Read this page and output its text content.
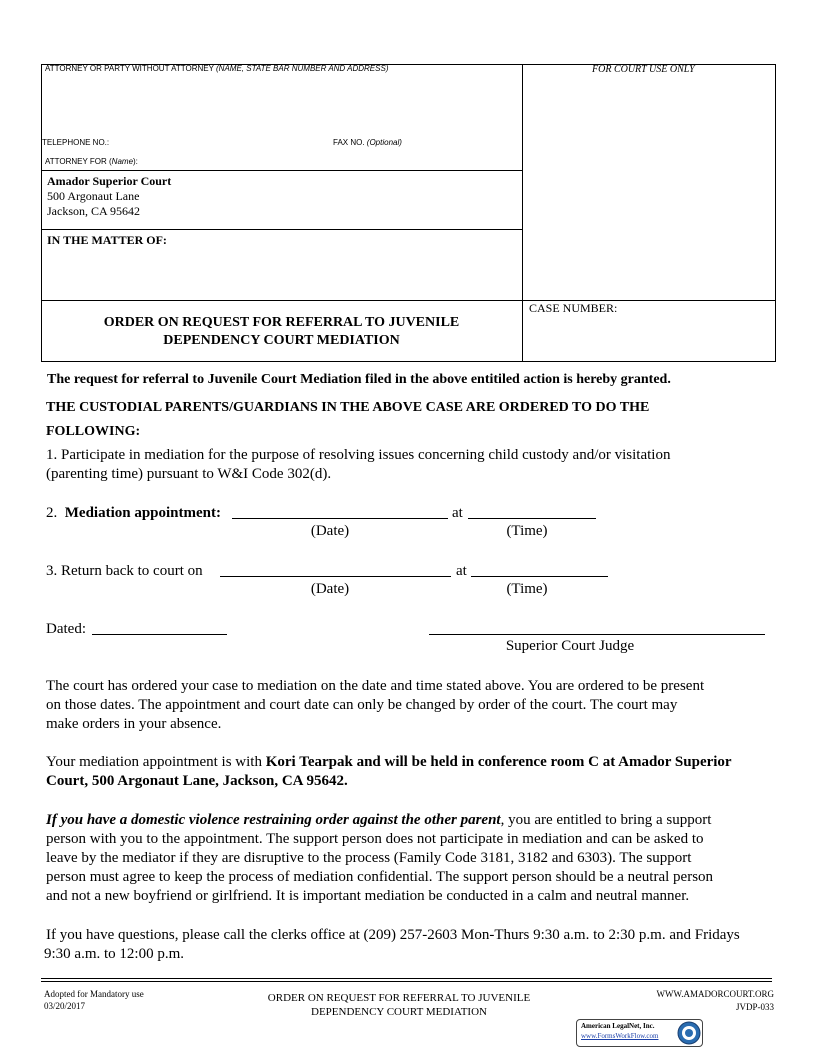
ATTORNEY OR PARTY WITHOUT ATTORNEY (NAME, STATE BAR NUMBER AND ADDRESS)	FOR COURT USE ONLY
TELEPHONE NO.:	FAX NO. (Optional)
ATTORNEY FOR (Name):
Amador Superior Court
500 Argonaut Lane
Jackson, CA 95642
IN THE MATTER OF:
CASE NUMBER:
ORDER ON REQUEST FOR REFERRAL TO JUVENILE
DEPENDENCY COURT MEDIATION
The request for referral to Juvenile Court Mediation filed in the above entitiled action is hereby granted.
THE CUSTODIAL PARENTS/GUARDIANS IN THE ABOVE CASE ARE ORDERED TO DO THE
FOLLOWING:
1. Participate in mediation for the purpose of resolving issues concerning child custody and/or visitation
(parenting time) pursuant to W&I Code 302(d).
2.  Mediation appointment:	at
(Date)	(Time)
3. Return back to court on	at
(Date)	(Time)
Dated:
Superior Court Judge
The court has ordered your case to mediation on the date and time stated above. You are ordered to be present
on those dates. The appointment and court date can only be changed by order of the court. The court may
make orders in your absence.
Your mediation appointment is with Kori Tearpak and will be held in conference room C at Amador Superior
Court, 500 Argonaut Lane, Jackson, CA 95642.
If you have a domestic violence restraining order against the other parent, you are entitled to bring a support
person with you to the appointment. The support person does not participate in mediation and can be asked to
leave by the mediator if they are disruptive to the process (Family Code 3181, 3182 and 6303). The support
person must agree to keep the process of mediation confidential. The support person should be a neutral person
and not a new boyfriend or girlfriend. It is important mediation be conducted in a calm and neutral manner.
If you have questions, please call the clerks office at (209) 257-2603 Mon-Thurs 9:30 a.m. to 2:30 p.m. and Fridays
9:30 a.m. to 12:00 p.m.
Adopted for Mandatory use
03/20/2017
ORDER ON REQUEST FOR REFERRAL TO JUVENILE
DEPENDENCY COURT MEDIATION
WWW.AMADORCOURT.ORG
JVDP-033
American LegalNet, Inc.
www.FormsWorkFlow.com
